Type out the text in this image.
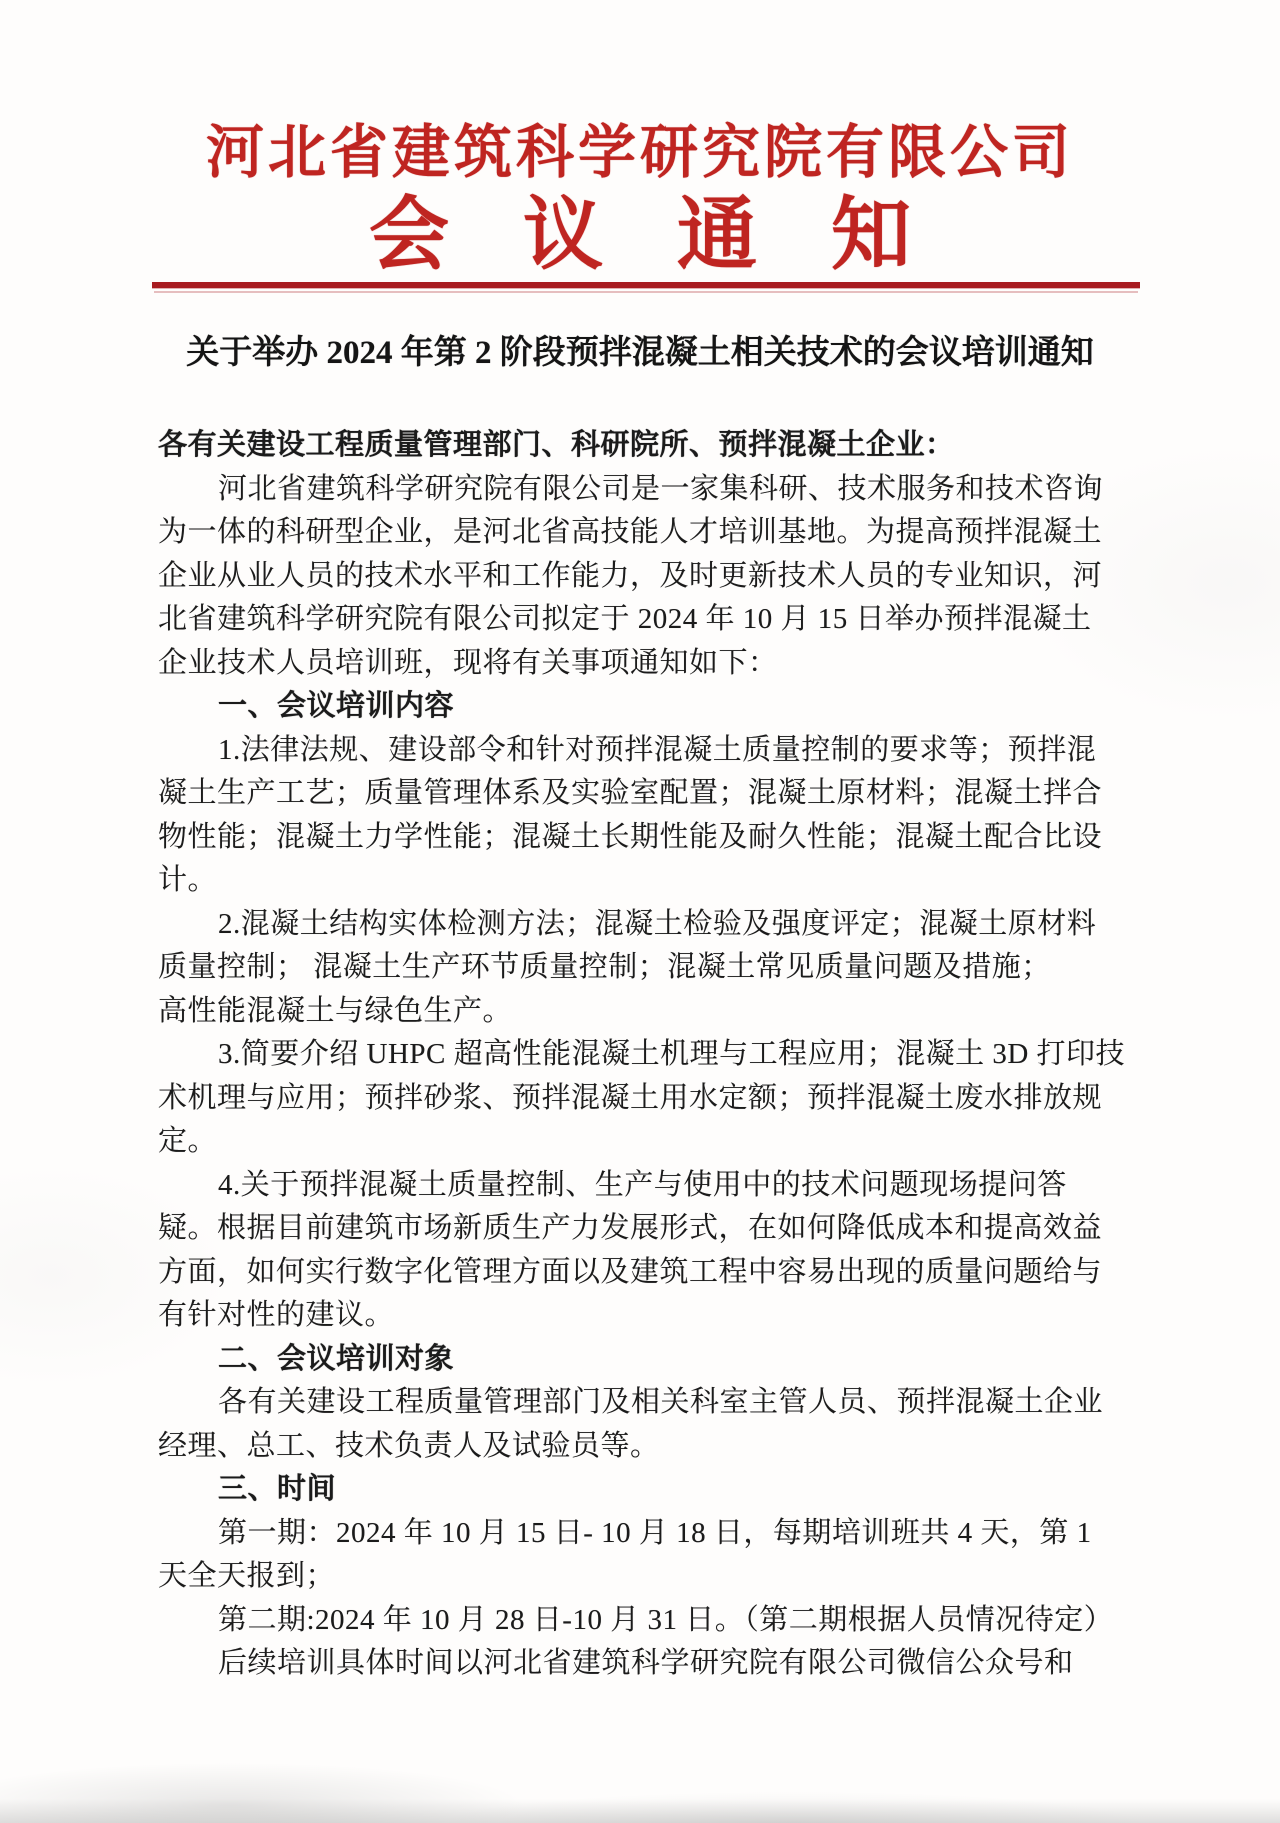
河北省建筑科学研究院有限公司
会议通知
关于举办 2024 年第 2 阶段预拌混凝土相关技术的会议培训通知
各有关建设工程质量管理部门、科研院所、预拌混凝土企业：
河北省建筑科学研究院有限公司是一家集科研、技术服务和技术咨询
为一体的科研型企业，是河北省高技能人才培训基地。为提高预拌混凝土
企业从业人员的技术水平和工作能力，及时更新技术人员的专业知识，河
北省建筑科学研究院有限公司拟定于 2024 年 10 月 15 日举办预拌混凝土
企业技术人员培训班，现将有关事项通知如下：
一、会议培训内容
1.法律法规、建设部令和针对预拌混凝土质量控制的要求等；预拌混
凝土生产工艺；质量管理体系及实验室配置；混凝土原材料；混凝土拌合
物性能；混凝土力学性能；混凝土长期性能及耐久性能；混凝土配合比设
计。
2.混凝土结构实体检测方法；混凝土检验及强度评定；混凝土原材料
质量控制； 混凝土生产环节质量控制；混凝土常见质量问题及措施；
高性能混凝土与绿色生产。
3.简要介绍 UHPC 超高性能混凝土机理与工程应用；混凝土 3D 打印技
术机理与应用；预拌砂浆、预拌混凝土用水定额；预拌混凝土废水排放规
定。
4.关于预拌混凝土质量控制、生产与使用中的技术问题现场提问答
疑。根据目前建筑市场新质生产力发展形式，在如何降低成本和提高效益
方面，如何实行数字化管理方面以及建筑工程中容易出现的质量问题给与
有针对性的建议。
二、会议培训对象
各有关建设工程质量管理部门及相关科室主管人员、预拌混凝土企业
经理、总工、技术负责人及试验员等。
三、时间
第一期：2024 年 10 月 15 日- 10 月 18 日，每期培训班共 4 天，第 1
天全天报到；
第二期:2024 年 10 月 28 日-10 月 31 日。（第二期根据人员情况待定）
后续培训具体时间以河北省建筑科学研究院有限公司微信公众号和
